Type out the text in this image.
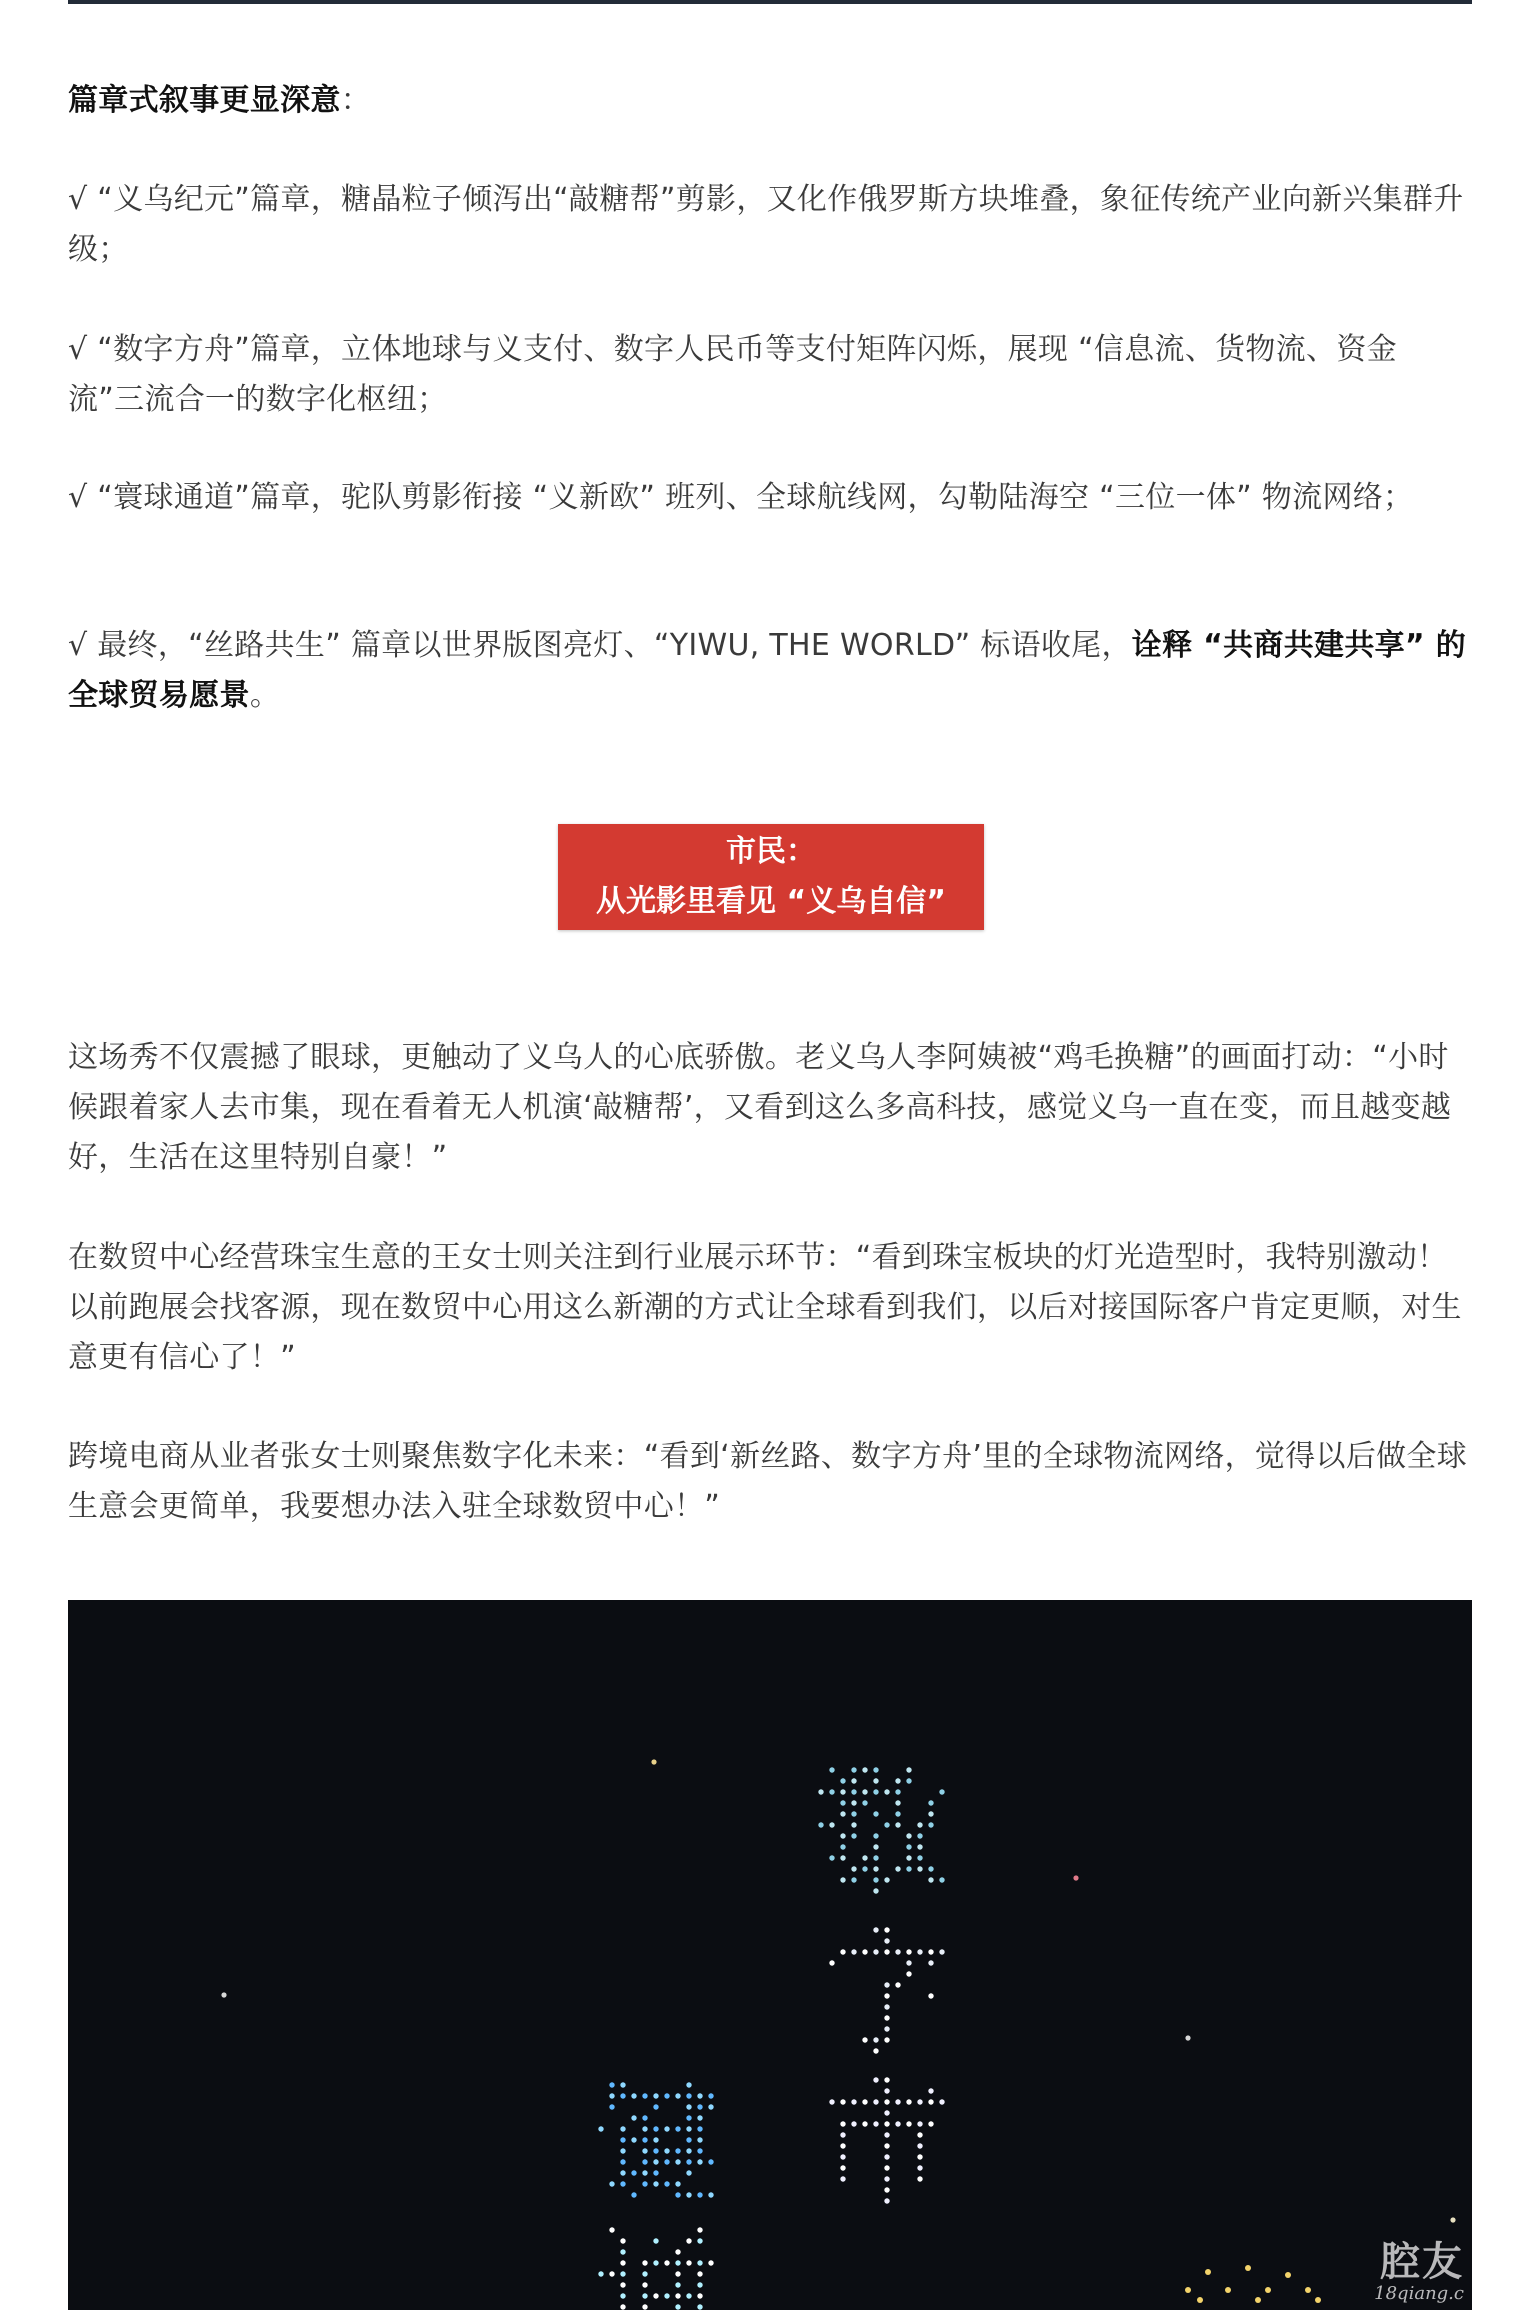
篇章式叙事更显深意：

√ “义乌纪元”篇章，糖晶粒子倾泻出“敲糖帮”剪影，又化作俄罗斯方块堆叠，象征传统产业向新兴集群升级；

√ “数字方舟”篇章，立体地球与义支付、数字人民币等支付矩阵闪烁，展现 “信息流、货物流、资金流”三流合一的数字化枢纽；

√ “寰球通道”篇章，驼队剪影衔接 “义新欧” 班列、全球航线网，勾勒陆海空 “三位一体” 物流网络；

√ 最终，“丝路共生” 篇章以世界版图亮灯、“YIWU, THE WORLD” 标语收尾，诠释 “共商共建共享” 的全球贸易愿景。

这场秀不仅震撼了眼球，更触动了义乌人的心底骄傲。老义乌人李阿姨被“鸡毛换糖”的画面打动：“小时候跟着家人去市集，现在看着无人机演‘敲糖帮’，又看到这么多高科技，感觉义乌一直在变，而且越变越好，生活在这里特别自豪！”

在数贸中心经营珠宝生意的王女士则关注到行业展示环节：“看到珠宝板块的灯光造型时，我特别激动！以前跑展会找客源，现在数贸中心用这么新潮的方式让全球看到我们，以后对接国际客户肯定更顺，对生意更有信心了！”

跨境电商从业者张女士则聚焦数字化未来：“看到‘新丝路、数字方舟’里的全球物流网络，觉得以后做全球生意会更简单，我要想办法入驻全球数贸中心！”

市民：
从光影里看见 “义乌自信”
腔友
18qiang.c
